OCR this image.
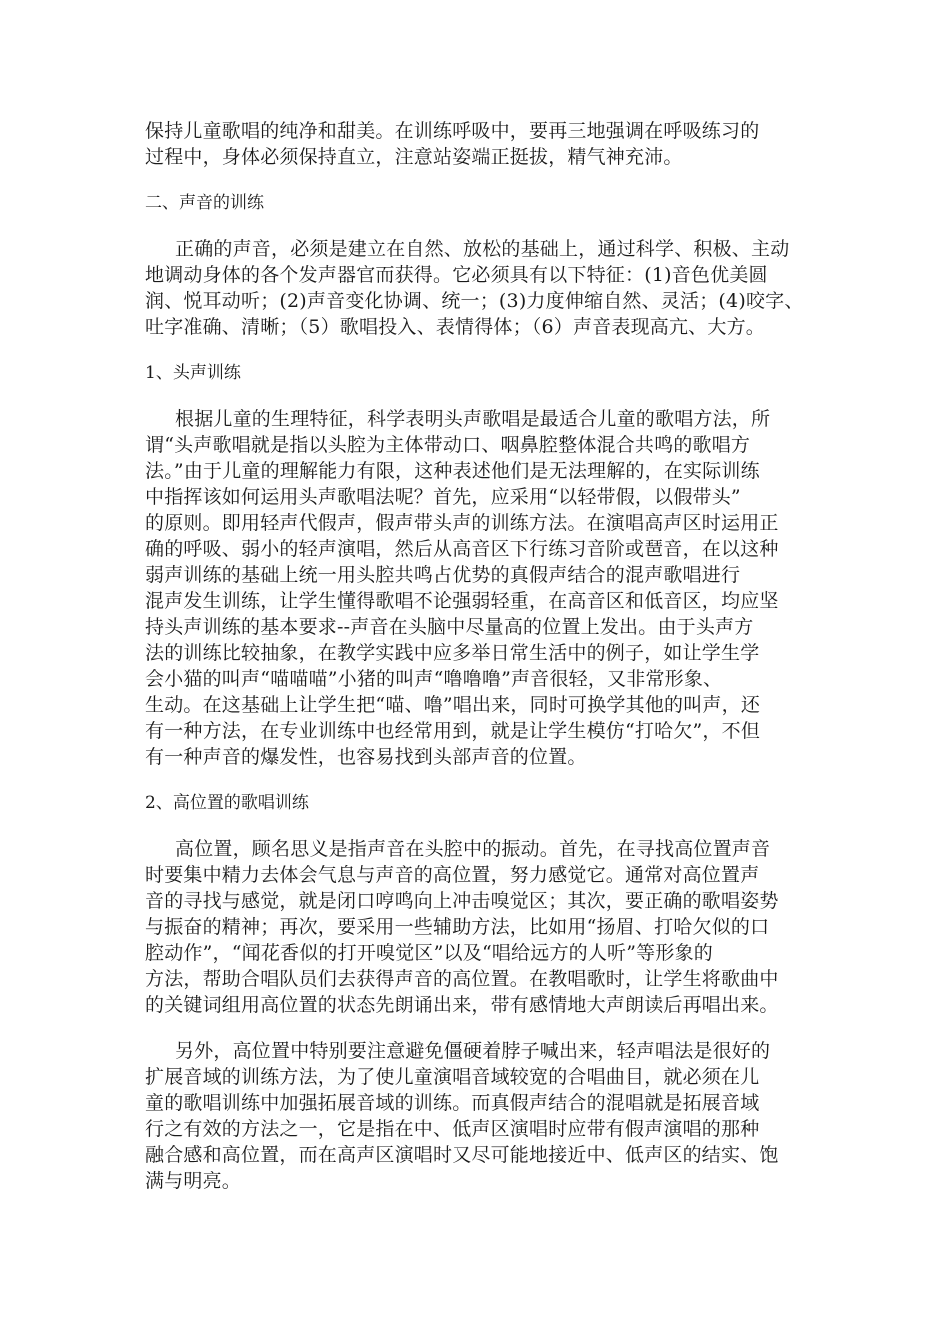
保持儿童歌唱的纯净和甜美。在训练呼吸中，要再三地强调在呼吸练习的
过程中，身体必须保持直立，注意站姿端正挺拔，精气神充沛。
二、声音的训练
正确的声音，必须是建立在自然、放松的基础上，通过科学、积极、主动
地调动身体的各个发声器官而获得。它必须具有以下特征：(1)音色优美圆
润、悦耳动听；(2)声音变化协调、统一；(3)力度伸缩自然、灵活；(4)咬字、
吐字准确、清晰；（5）歌唱投入、表情得体；（6）声音表现高亢、大方。
1、头声训练
根据儿童的生理特征，科学表明头声歌唱是最适合儿童的歌唱方法，所
谓“头声歌唱就是指以头腔为主体带动口、咽鼻腔整体混合共鸣的歌唱方
法。”由于儿童的理解能力有限，这种表述他们是无法理解的，在实际训练
中指挥该如何运用头声歌唱法呢？首先，应采用“以轻带假，以假带头”
的原则。即用轻声代假声，假声带头声的训练方法。在演唱高声区时运用正
确的呼吸、弱小的轻声演唱，然后从高音区下行练习音阶或琶音，在以这种
弱声训练的基础上统一用头腔共鸣占优势的真假声结合的混声歌唱进行
混声发生训练，让学生懂得歌唱不论强弱轻重，在高音区和低音区，均应坚
持头声训练的基本要求--声音在头脑中尽量高的位置上发出。由于头声方
法的训练比较抽象，在教学实践中应多举日常生活中的例子，如让学生学
会小猫的叫声“喵喵喵”小猪的叫声“噜噜噜”声音很轻，又非常形象、
生动。在这基础上让学生把“喵、噜”唱出来，同时可换学其他的叫声，还
有一种方法，在专业训练中也经常用到，就是让学生模仿“打哈欠”，不但
有一种声音的爆发性，也容易找到头部声音的位置。
2、高位置的歌唱训练
高位置，顾名思义是指声音在头腔中的振动。首先，在寻找高位置声音
时要集中精力去体会气息与声音的高位置，努力感觉它。通常对高位置声
音的寻找与感觉，就是闭口哼鸣向上冲击嗅觉区；其次，要正确的歌唱姿势
与振奋的精神；再次，要采用一些辅助方法，比如用“扬眉、打哈欠似的口
腔动作”，“闻花香似的打开嗅觉区”以及“唱给远方的人听”等形象的
方法，帮助合唱队员们去获得声音的高位置。在教唱歌时，让学生将歌曲中
的关键词组用高位置的状态先朗诵出来，带有感情地大声朗读后再唱出来。
另外，高位置中特别要注意避免僵硬着脖子喊出来，轻声唱法是很好的
扩展音域的训练方法，为了使儿童演唱音域较宽的合唱曲目，就必须在儿
童的歌唱训练中加强拓展音域的训练。而真假声结合的混唱就是拓展音域
行之有效的方法之一，它是指在中、低声区演唱时应带有假声演唱的那种
融合感和高位置，而在高声区演唱时又尽可能地接近中、低声区的结实、饱
满与明亮。
